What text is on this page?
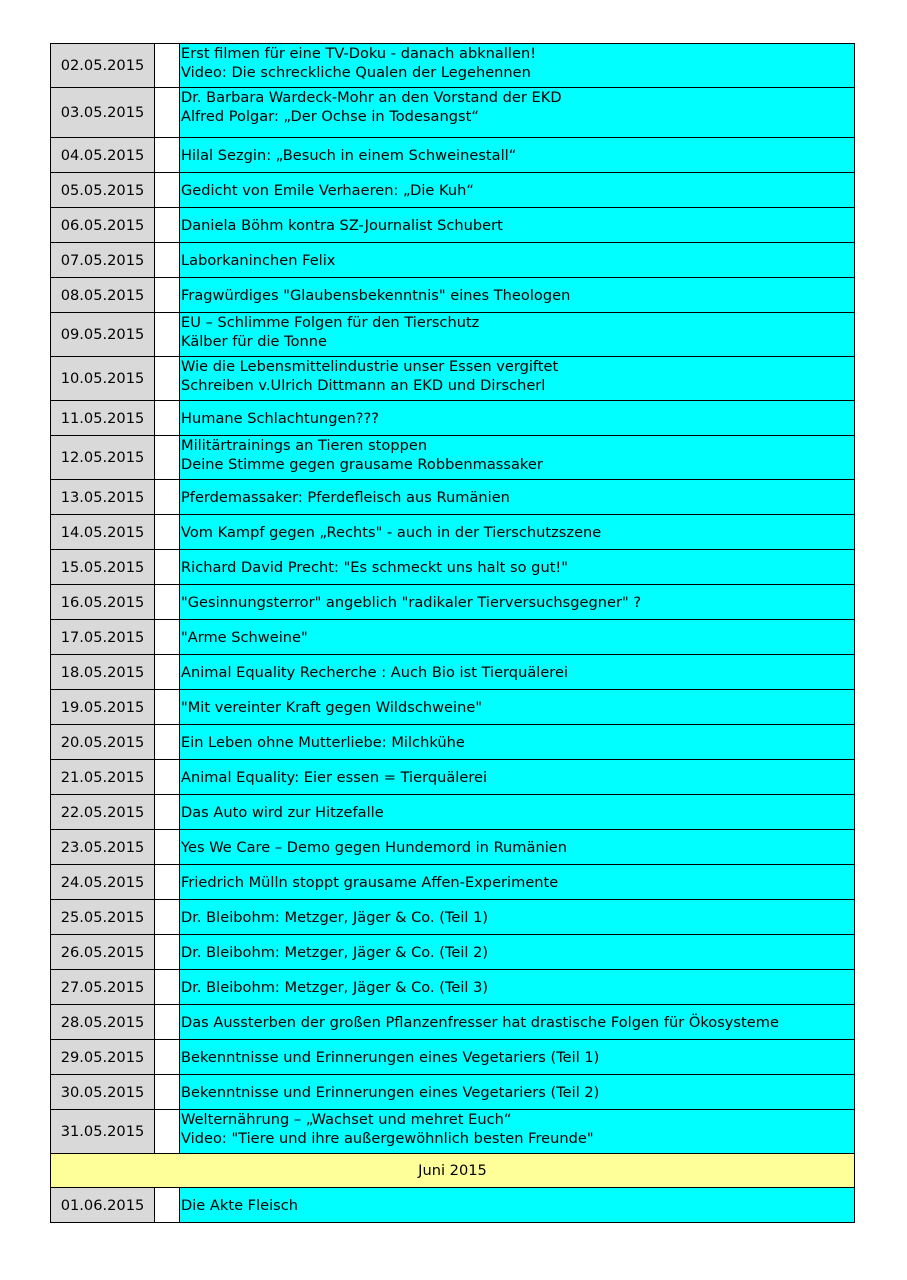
02.05.2015		Erst filmen für eine TV-Doku - danach abknallen!
Video: Die schreckliche Qualen der Legehennen

03.05.2015		Dr. Barbara Wardeck-Mohr an den Vorstand der EKD
Alfred Polgar: „Der Ochse in Todesangst“

04.05.2015		Hilal Sezgin: „Besuch in einem Schweinestall“

05.05.2015		Gedicht von Emile Verhaeren: „Die Kuh“

06.05.2015		Daniela Böhm kontra SZ-Journalist Schubert

07.05.2015		Laborkaninchen Felix

08.05.2015		Fragwürdiges "Glaubensbekenntnis" eines Theologen

09.05.2015		EU – Schlimme Folgen für den Tierschutz
Kälber für die Tonne

10.05.2015		Wie die Lebensmittelindustrie unser Essen vergiftet
Schreiben v.Ulrich Dittmann an EKD und Dirscherl

11.05.2015		Humane Schlachtungen???

12.05.2015		Militärtrainings an Tieren stoppen
Deine Stimme gegen grausame Robbenmassaker

13.05.2015		Pferdemassaker: Pferdefleisch aus Rumänien

14.05.2015		Vom Kampf gegen „Rechts" - auch in der Tierschutzszene

15.05.2015		Richard David Precht: "Es schmeckt uns halt so gut!"

16.05.2015		"Gesinnungsterror" angeblich "radikaler Tierversuchsgegner" ?

17.05.2015		"Arme Schweine"

18.05.2015		Animal Equality Recherche : Auch Bio ist Tierquälerei

19.05.2015		"Mit vereinter Kraft gegen Wildschweine"

20.05.2015		Ein Leben ohne Mutterliebe: Milchkühe

21.05.2015		Animal Equality: Eier essen = Tierquälerei

22.05.2015		Das Auto wird zur Hitzefalle

23.05.2015		Yes We Care – Demo gegen Hundemord in Rumänien

24.05.2015		Friedrich Mülln stoppt grausame Affen-Experimente

25.05.2015		Dr. Bleibohm: Metzger, Jäger & Co. (Teil 1)

26.05.2015		Dr. Bleibohm: Metzger, Jäger & Co. (Teil 2)

27.05.2015		Dr. Bleibohm: Metzger, Jäger & Co. (Teil 3)

28.05.2015		Das Aussterben der großen Pflanzenfresser hat drastische Folgen für Ökosysteme

29.05.2015		Bekenntnisse und Erinnerungen eines Vegetariers (Teil 1)

30.05.2015		Bekenntnisse und Erinnerungen eines Vegetariers (Teil 2)

31.05.2015		Welternährung – „Wachset und mehret Euch“
Video: "Tiere und ihre außergewöhnlich besten Freunde"

Juni 2015		
01.06.2015		Die Akte Fleisch
